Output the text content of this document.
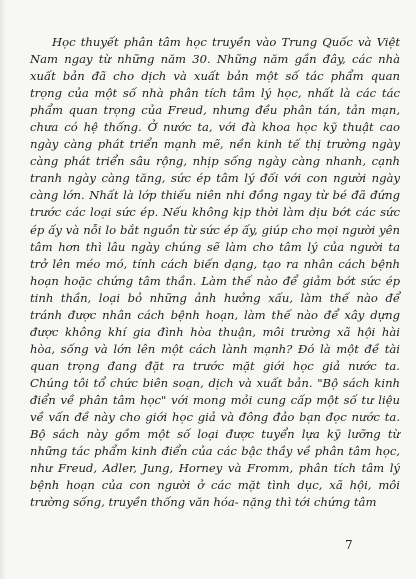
Học thuyết phân tâm học truyền vào Trung Quốc và Việt
Nam ngay từ những năm 30. Những năm gần đây, các nhà
xuất bản đã cho dịch và xuất bản một số tác phẩm quan
trọng của một số nhà phân tích tâm lý học, nhất là các tác
phẩm quan trọng của Freud, nhưng đều phân tán, tản mạn,
chưa có hệ thống. Ở nước ta, với đà khoa học kỹ thuật cao
ngày càng phát triển mạnh mẽ, nền kinh tế thị trường ngày
càng phát triển sâu rộng, nhịp sống ngày càng nhanh, cạnh
tranh ngày càng tăng, sức ép tâm lý đối với con người ngày
càng lớn. Nhất là lớp thiếu niên nhi đồng ngay từ bé đã đứng
trước các loại sức ép. Nếu không kịp thời làm dịu bớt các sức
ép ấy và nỗi lo bắt nguồn từ sức ép ấy, giúp cho mọi người yên
tâm hơn thì lâu ngày chúng sẽ làm cho tâm lý của người ta
trở lên méo mó, tính cách biến dạng, tạo ra nhân cách bệnh
hoạn hoặc chứng tâm thần. Làm thế nào để giảm bớt sức ép
tinh thần, loại bỏ những ảnh hưởng xấu, làm thế nào để
tránh được nhân cách bệnh hoạn, làm thế nào để xây dựng
được không khí gia đình hòa thuận, môi trường xã hội hài
hòa, sống và lớn lên một cách lành mạnh? Đó là một đề tài
quan trọng đang đặt ra trước mặt giới học giả nước ta.
Chúng tôi tổ chức biên soạn, dịch và xuất bản. "Bộ sách kinh
điển về phân tâm học" với mong mỏi cung cấp một số tư liệu
về vấn đề này cho giới học giả và đông đảo bạn đọc nước ta.
Bộ sách này gồm một số loại được tuyển lựa kỹ lưỡng từ
những tác phẩm kinh điển của các bậc thầy về phân tâm học,
như Freud, Adler, Jung, Horney và Fromm, phân tích tâm lý
bệnh hoạn của con người ở các mặt tình dục, xã hội, môi
trường sống, truyền thống văn hóa- nặng thì tới chứng tâm
7
